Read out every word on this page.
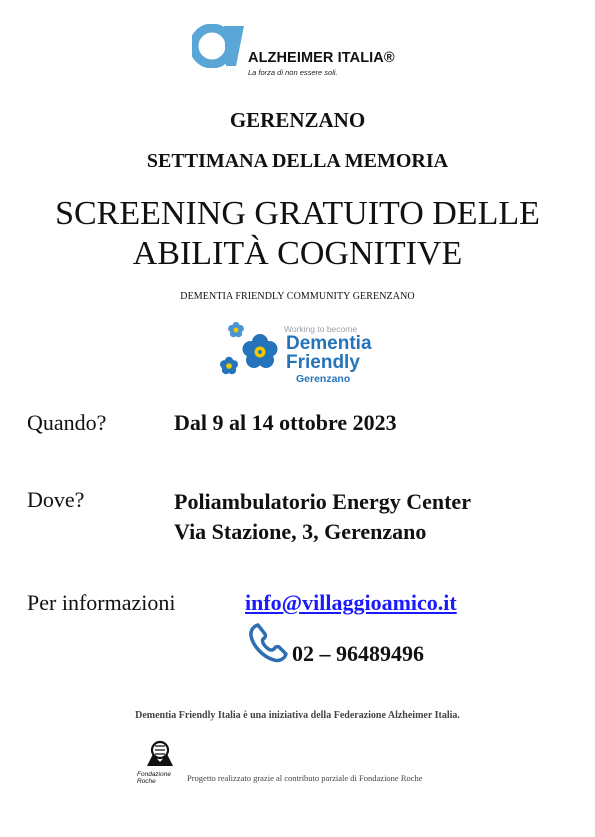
ALZHEIMER ITALIA®
La forza di non essere soli.
GERENZANO
SETTIMANA DELLA MEMORIA
SCREENING GRATUITO DELLE
ABILITÀ COGNITIVE
DEMENTIA FRIENDLY COMMUNITY GERENZANO
Working to become
Dementia
Friendly
Gerenzano
Quando?	Dal 9 al 14 ottobre 2023
Dove?	Poliambulatorio Energy Center
Via Stazione, 3, Gerenzano
Per informazioni	info@villaggioamico.it
02 – 96489496
Dementia Friendly Italia è una iniziativa della Federazione Alzheimer Italia.
Fondazione
Roche	Progetto realizzato grazie al contributo parziale di Fondazione Roche
